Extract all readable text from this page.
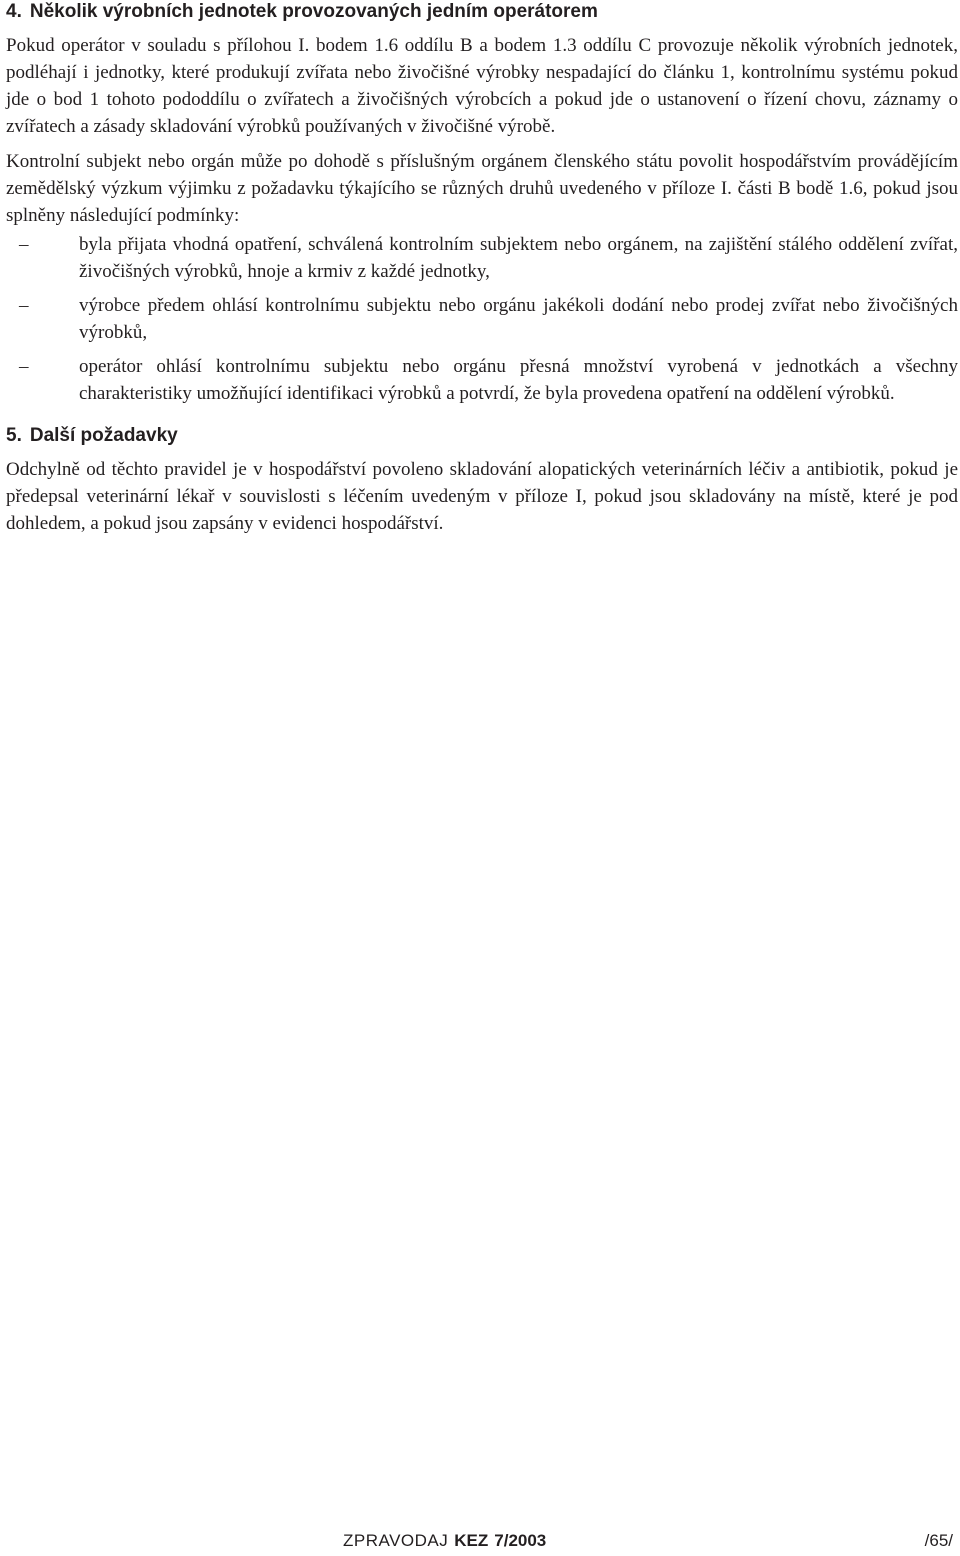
4. Několik výrobních jednotek provozovaných jedním operátorem

Pokud operátor v souladu s přílohou I. bodem 1.6 oddílu B a bodem 1.3 oddílu C provozuje několik výrobních jednotek, podléhají i jednotky, které produkují zvířata nebo živočišné výrobky nespadající do článku 1, kontrolnímu systému pokud jde o bod 1 tohoto pododdílu o zvířatech a živočišných výrobcích a pokud jde o ustanovení o řízení chovu, záznamy o zvířatech a zásady skladování výrobků používaných v živočišné výrobě.

Kontrolní subjekt nebo orgán může po dohodě s příslušným orgánem členského státu povolit hospodářstvím provádějícím zemědělský výzkum výjimku z požadavku týkajícího se různých druhů uvedeného v příloze I. části B bodě 1.6, pokud jsou splněny následující podmínky:

–	byla přijata vhodná opatření, schválená kontrolním subjektem nebo orgánem, na zajištění stálého oddělení zvířat, živočišných výrobků, hnoje a krmiv z každé jednotky,
–	výrobce předem ohlásí kontrolnímu subjektu nebo orgánu jakékoli dodání nebo prodej zvířat nebo živočišných výrobků,
–	operátor ohlásí kontrolnímu subjektu nebo orgánu přesná množství vyrobená v jednotkách a všechny charakteristiky umožňující identifikaci výrobků a potvrdí, že byla provedena opatření na oddělení výrobků.
5. Další požadavky

Odchylně od těchto pravidel je v hospodářství povoleno skladování alopatických veterinárních léčiv a antibiotik, pokud je předepsal veterinární lékař v souvislosti s léčením uvedeným v příloze I, pokud jsou skladovány na místě, které je pod dohledem, a pokud jsou zapsány v evidenci hospodářství.

ZPRAVODAJ KEZ 7/2003	/65/
